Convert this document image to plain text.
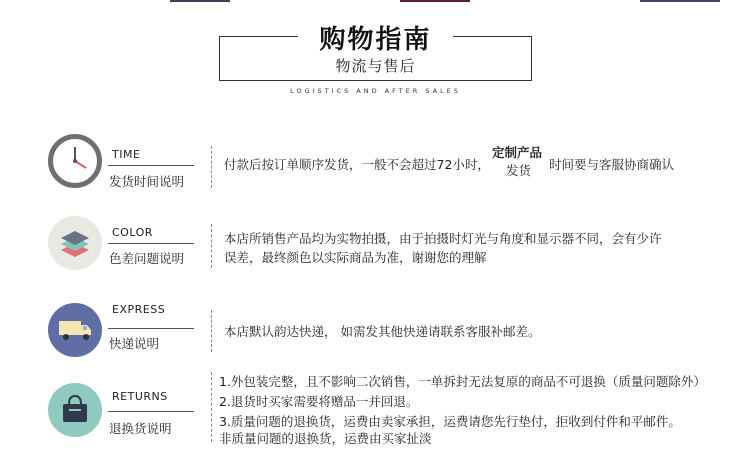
购物指南
物流与售后
LOGISTICS AND AFTER SALES
TIME
发货时间说明
付款后按订单顺序发货，一般不会超过72小时，
定制产品
发货 时间要与客服协商确认
COLOR
色差问题说明
本店所销售产品均为实物拍摄，由于拍摄时灯光与角度和显示器不同，会有少许
误差，最终颜色以实际商品为准，谢谢您的理解
EXPRESS
快递说明
本店默认韵达快递， 如需发其他快递请联系客服补邮差。
RETURNS
退换货说明
1.外包装完整，且不影响二次销售，一单拆封无法复原的商品不可退换（质量问题除外）
2.退货时买家需要将赠品一并回退。
3.质量问题的退换货，运费由卖家承担，运费请您先行垫付，拒收到付件和平邮件。
非质量问题的退换货，运费由买家扯淡
